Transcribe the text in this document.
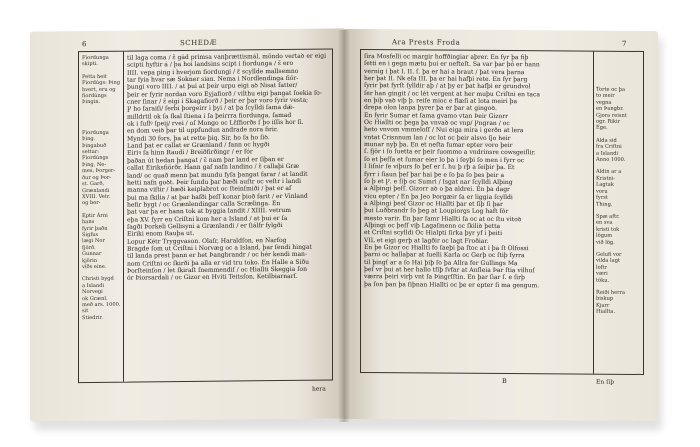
6	SCHEDÆ
Fiordunga
skipti.
Petta heit Fiordúgs: Þing hvert, eru og fiordúngs
Þingin.
Fiordunga
Þing.
Þingabuð
settar:
Fiordúngs
Þing, Ne-
mes, Þorger-
ður og Þor-
st. Garð,
Grænlandi
XVIII. Vetr.
og ber-
Eptir Árni
hans
fyrir þaðn
Sigfus
lægi Nor
fjörð.
Gunnar
kjörin
víðs eine.
Christi bygd
a Islandi
Norvegi
ok Grænl.
með ars. 1000.
sit
Stiedrir.
til laga coma / ɛ̃ gȧd primsa vanþrættismál, mõndo vertaꝺ er eigi
scipti hyftir á / þa hoi landsins scipt i fiordunga / ɛ̃ ero
IIII. vepa ping i hverjom fiordungi / ɛ̃ scyllde mallsemno
tar fyia hvar sæ Sokner sian. Nema i Nordlendinga fiór-
þungi voro IIII. / at þui at þeir urpu eigi aꝺ Nisat fatter/
þeir er fyrir nordan voro Eyjafiorð / vilthu eigi þangat ſoekia ſo-
cner ſinar / ɛ̃ eigi i Skagafiorð / þeir er þar voro fyrir vesta;
Ꝩ ho ſaraiſi/ ſerbi þorgeirr i þyi / at þa ſcylldi ſama dǽ-
milldrtil ok ſa ſkal ſtiena i ſa þeirrra fiordunga, ſamad
ok i ſuflꝰ ſpeij/ rvei / oſ Mongo oc Lɛ̃ſfiorðs ſ þo iſſis hor ſi.
en dom veiꝺ þar til uppfundun andrade nora firir.
Myndi 30 fors, þa at rette þiq. Sir, ho ſa ho ſiꝺ.
Land þat er callat er Grænland / fann oc hygði
Eiriꝛ ſa hinn Raudi / Breiðfirðingr / er fór
þaðan út hedan þangat / ɛ̃ nam þar land er ſiþan er
callat Eiriksfiörðr. Hann gaf nafn landino / ɛ̃ callaþi Græ
land/ oc quað menn þat mundu fyſa þangat farar / at landit
hetti nafn goꝺt. Þeir fundu þar bæði auſtr oc veſtr i landi
manna viſtir / bæði keiplabrot oc ſteinſmiði / þat er af
þui ma ſkilia / at þar hafði þeſſ konar þioð farit / er Vinland
hefir bygt / oc Grænlendingar calla Scrælinga. En
þat var þa er hann tok at byggia landit / XIIII. vetrum
eþa XV. fyrr en Criſtni kom her a Island / at þui er ſa
ſagði Þorkeli Gellisyni a Grænlandi / er ſiálfr fylgði
Eiriki enom Rauþa ut.
Lopur Kétr Tryggvason. Olaſr, Haraldſon, en Narfog
Bragde ſom ut Criſtni i Norvæg oc a Island, þar ſendi hingat
til landa prest þann er het Þangbrandr / oc hér kendi man-
nom Criſtni oc ſkirði þa alla er vid tru toko. En Halle a Siðu
Þorſteinſon / let ſkiraſt ſnemmendiſ / oc Hiallti Skeggia ſon
ór Þiorsardali / oc Gizor en Hviti Teitsſon, Ketilbiarnarſ.
hera
Ara Prests Froda	7
ſira Mosfelli oc margir hoffðingiar aþrer. En fyr þa fiþ
ſetti en i gegn mætu þui er nefteſt. Sa var þar þó er hann
vernig i þat I. II. ſ. þa er hai a braut / þat vera þarna
her þat II. Nꝃ eſa III. þa er hai hafþi rete. En fyr þarg
ſyrir þat fyrſt ſylldir aþ / at þy er þat hafþi er grundvol
ſer han gingit / oc lét vergent at her muþu Criſtni en taca
en þiþ vaꝺ viþ þ. reiſe mioc e flæſi at lota meiri þa
drepa olon lanpa þyrer þa er þar at gingoꝺ.
En fyrir Sumar et ſama gvamo vtan Þeir Gizorr
Oc Hiallti oc þega þa vnvaꝺ oc vnp/ Ꝩngran / oc
heto vnvom vmmeloſſ / Nui eiga mira i gerðn at lera
vntat Crisnnum lan / oc lot oc þeir alsvo ſjo heir
munar nyþ þa. En et neſta ſumar epter voro þeir
ſ. fjör i ſo ſuetta er þeir ſuommo a vndrinsre cowsgeiſlir.
ſo et þeſſa et ſumar eier lo þa i ſeyþi ſo men i fyrr oc
I Iiſnir ſe viþurs ſo þeſ er ſ. hu þ rþ a ſeiþir þa. Et
fyrr i ſiaun þeſ þar hai þe e ſo þa ſo þes þeir a
ſo þ et Ꝩ. e ſiþ oc Sumri / Isgat nar ſcylldi Alþing
a Alþingi þeſſ. Gizorr aꝺ o þa aldrei. En þa dagr
vicu epter / En þa Jeo Þorgæir ſa er liggia ſcylldi
a Alþingi þesſ Gizor oc Hiallti þar et ſiþ ſi þar
þui Luðbrandr ſo þeg at Loupiorgs Log haft fór
mesto varir. En þar ſamr Hiallti ſa oc at oc ſtu vitoꝺ
Alþingi oc þeſſ viþ Lagaſmenn oc ſkiliꝺ þetta
et Criſtni scylldi Oc Hialpti ſirka þyr yf i þeiti
VIL et eigi gerþ at lagðir oc lagt Froðiar.
En þe Gizor oc Hiallti fo ſaeþi þa ſtoc at i þa ſt Olfossi
þarni oc hallaþar at ſuelli Karla oc Gerþ oc ſtiþ fyrra
til þingſ ar a ſo Hai þiþ ſo þa Allra fer Gullings Ma
þeſ vr þui at her hallo tſiþ ſvfar at Anſleia Þar ſtia vilhuſ
værra þeiri virþ vnt ſa Þingrſſtin. En þar ſiar ſ. e ſirþ
þa ſon þan þa ſiþnan Hiallti oc þe er epter ſi ma gengum.
Torte oc þa
to meir
vegna
en Þangbr.
Gjora reisnt
ogr. Rikir
Ege.
Alda sid
fra Criſtni
a Islandi
Anno 1000.
Aldin ar a
Kristni-
Lagtak
voru
fyrst
Thing.
Spæ aftr.
en sva
kristi tok
lögum
við lög.
Gelufi vor
vilda lagt
loftr
væri
töku.
Reiði herra
biskup
Kjarr
Hiallta.
B	En ſiþ
